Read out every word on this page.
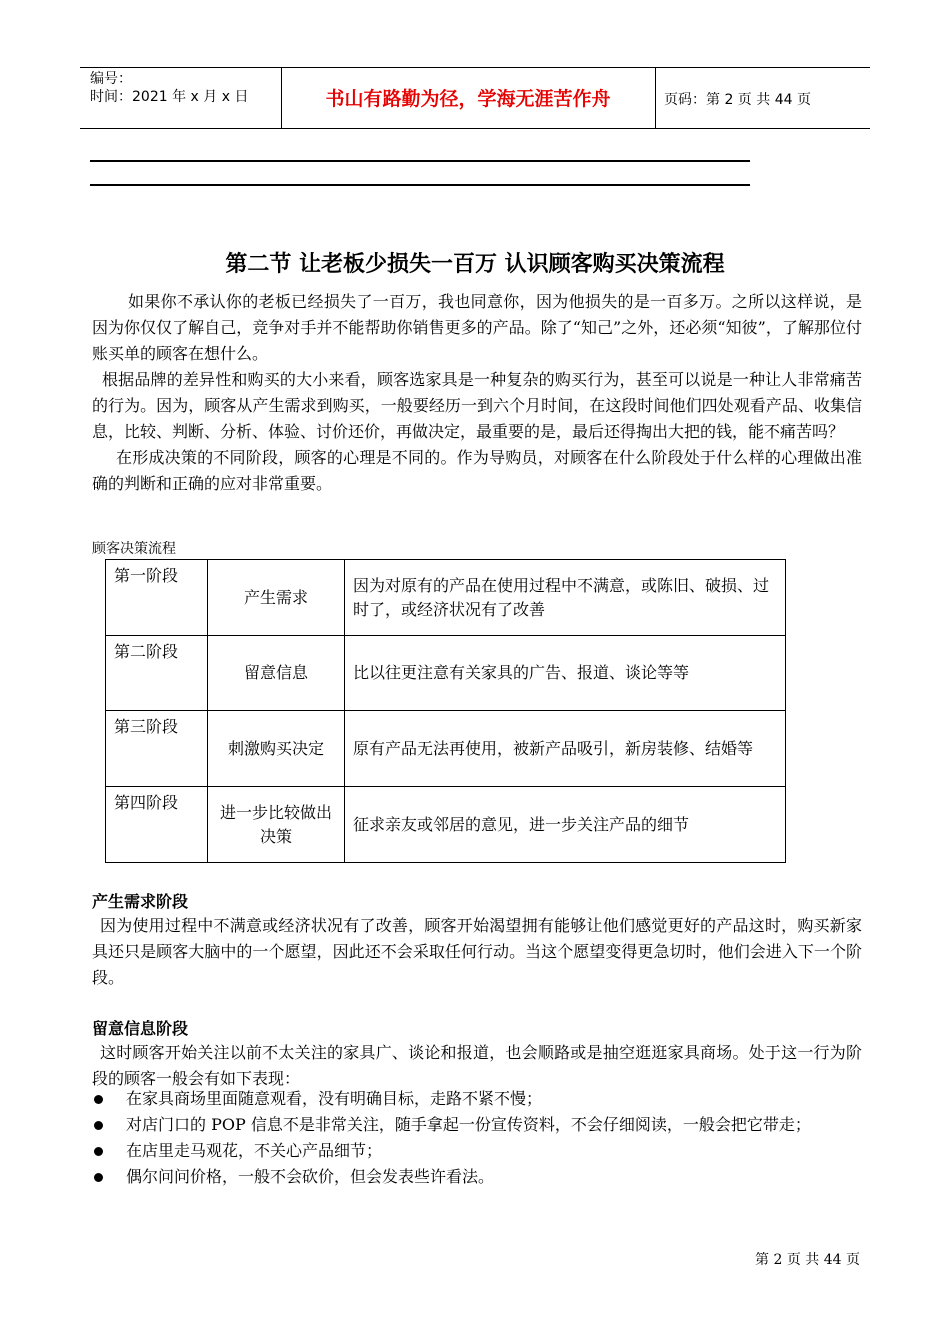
编号：
时间：2021 年 x 月 x 日	书山有路勤为径，学海无涯苦作舟	页码：第 2 页 共 44 页
第二节 让老板少损失一百万 认识顾客购买决策流程

如果你不承认你的老板已经损失了一百万，我也同意你，因为他损失的是一百多万。之所以这样说，是因为你仅仅了解自己，竞争对手并不能帮助你销售更多的产品。除了“知己”之外，还必须“知彼”，了解那位付账买单的顾客在想什么。

根据品牌的差异性和购买的大小来看，顾客选家具是一种复杂的购买行为，甚至可以说是一种让人非常痛苦的行为。因为，顾客从产生需求到购买，一般要经历一到六个月时间，在这段时间他们四处观看产品、收集信息，比较、判断、分析、体验、讨价还价，再做决定，最重要的是，最后还得掏出大把的钱，能不痛苦吗？

在形成决策的不同阶段，顾客的心理是不同的。作为导购员，对顾客在什么阶段处于什么样的心理做出准确的判断和正确的应对非常重要。

顾客决策流程
第一阶段	产生需求	因为对原有的产品在使用过程中不满意，或陈旧、破损、过时了，或经济状况有了改善
第二阶段	留意信息	比以往更注意有关家具的广告、报道、谈论等等
第三阶段	刺激购买决定	原有产品无法再使用，被新产品吸引，新房装修、结婚等
第四阶段	进一步比较做出决策	征求亲友或邻居的意见，进一步关注产品的细节
产生需求阶段

因为使用过程中不满意或经济状况有了改善，顾客开始渴望拥有能够让他们感觉更好的产品这时，购买新家具还只是顾客大脑中的一个愿望，因此还不会采取任何行动。当这个愿望变得更急切时，他们会进入下一个阶段。

留意信息阶段

这时顾客开始关注以前不太关注的家具广、谈论和报道，也会顺路或是抽空逛逛家具商场。处于这一行为阶段的顾客一般会有如下表现：

在家具商场里面随意观看，没有明确目标，走路不紧不慢；
对店门口的 POP 信息不是非常关注，随手拿起一份宣传资料，不会仔细阅读，一般会把它带走；
在店里走马观花，不关心产品细节；
偶尔问问价格，一般不会砍价，但会发表些许看法。
第 2 页 共 44 页
